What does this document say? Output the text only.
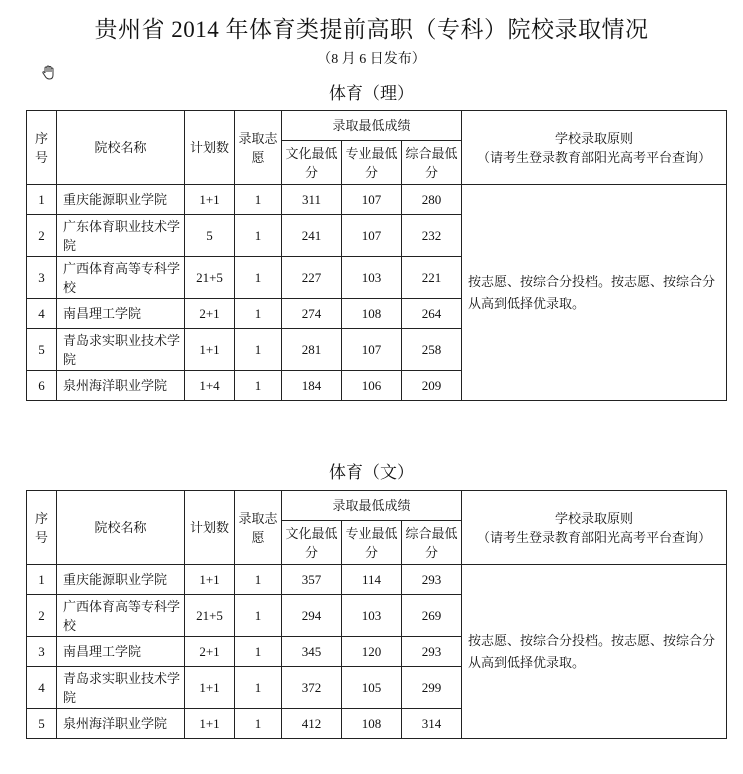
贵州省 2014 年体育类提前高职（专科）院校录取情况
（8 月 6 日发布）
体育（理）
序号	院校名称	计划数	录取志愿	录取最低成绩			学校录取原则
（请考生登录教育部阳光高考平台查询）

				文化最低分	专业最低分	综合最低分	
1	重庆能源职业学院	1+1	1	311	107	280	按志愿、按综合分投档。按志愿、按综合分从高到低择优录取。
2	广东体育职业技术学院	5	1	241	107	232	
3	广西体育高等专科学校	21+5	1	227	103	221	
4	南昌理工学院	2+1	1	274	108	264	
5	青岛求实职业技术学院	1+1	1	281	107	258	
6	泉州海洋职业学院	1+4	1	184	106	209	
体育（文）
序号	院校名称	计划数	录取志愿	录取最低成绩			学校录取原则
（请考生登录教育部阳光高考平台查询）

				文化最低分	专业最低分	综合最低分	
1	重庆能源职业学院	1+1	1	357	114	293	按志愿、按综合分投档。按志愿、按综合分从高到低择优录取。
2	广西体育高等专科学校	21+5	1	294	103	269	
3	南昌理工学院	2+1	1	345	120	293	
4	青岛求实职业技术学院	1+1	1	372	105	299	
5	泉州海洋职业学院	1+1	1	412	108	314	
